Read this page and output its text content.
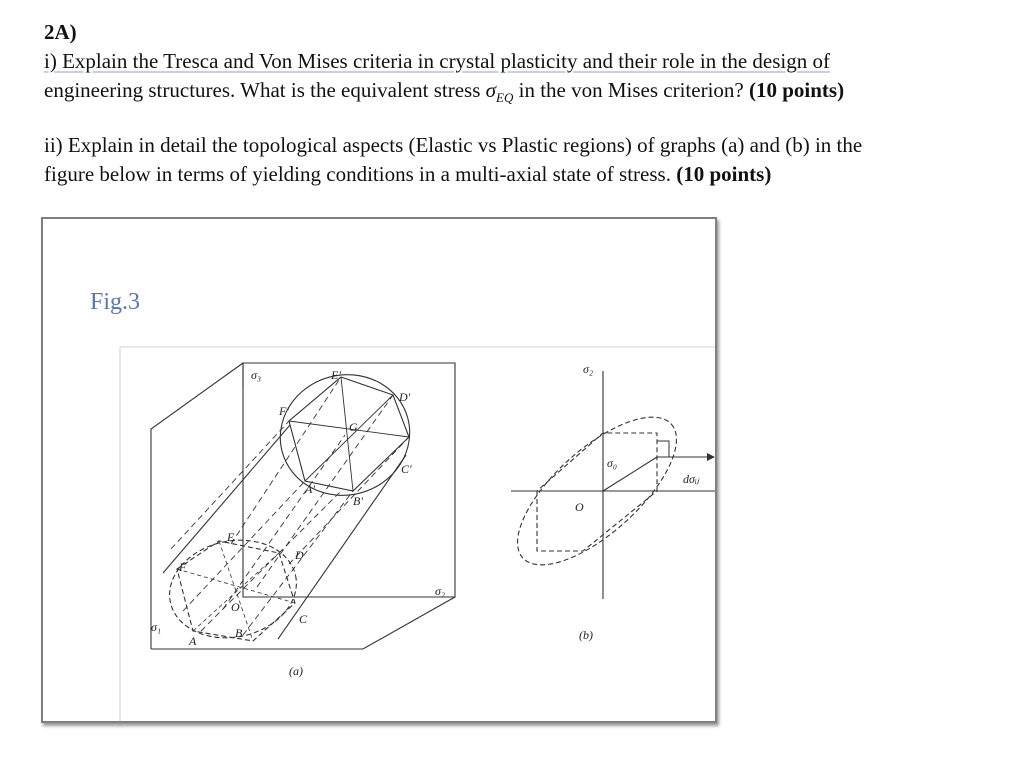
2A)
i) Explain the Tresca and Von Mises criteria in crystal plasticity and their role in the design of
engineering structures. What is the equivalent stress $\sigma_{EQ}$ in the von Mises criterion? (10 points)
ii) Explain in detail the topological aspects (Elastic vs Plastic regions) of graphs (a) and (b) in the
figure below in terms of yielding conditions in a multi-axial state of stress. (10 points)
Fig.3
σ₃
σ₁
σ₂
E'
D'
F'
G
C'
A'
B'
E
D
F
O
C
B
A
(a)
σ₂
σ₀
O
dσᵢⱼ
(b)
